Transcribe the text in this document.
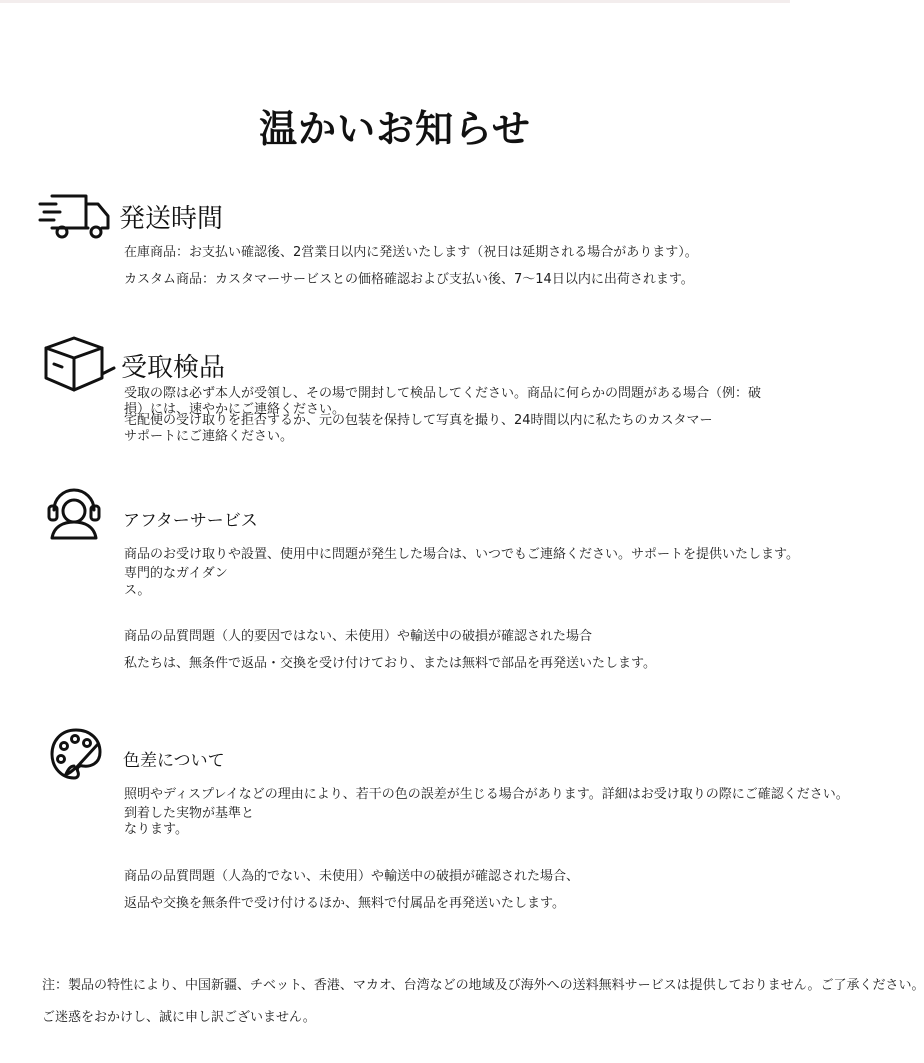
温かいお知らせ
発送時間

在庫商品：お支払い確認後、2営業日以内に発送いたします（祝日は延期される場合があります）。

カスタム商品：カスタマーサービスとの価格確認および支払い後、7〜14日以内に出荷されます。

受取検品

受取の際は必ず本人が受領し、その場で開封して検品してください。商品に何らかの問題がある場合（例：破損）には、速やかにご連絡ください。

宅配便の受け取りを拒否するか、元の包装を保持して写真を撮り、24時間以内に私たちのカスタマーサポートにご連絡ください。

アフターサービス

商品のお受け取りや設置、使用中に問題が発生した場合は、いつでもご連絡ください。サポートを提供いたします。

専門的なガイダン

ス。

商品の品質問題（人的要因ではない、未使用）や輸送中の破損が確認された場合

私たちは、無条件で返品・交換を受け付けており、または無料で部品を再発送いたします。

色差について

照明やディスプレイなどの理由により、若干の色の誤差が生じる場合があります。詳細はお受け取りの際にご確認ください。

到着した実物が基準と

なります。

商品の品質問題（人為的でない、未使用）や輸送中の破損が確認された場合、

返品や交換を無条件で受け付けるほか、無料で付属品を再発送いたします。

注：製品の特性により、中国新疆、チベット、香港、マカオ、台湾などの地域及び海外への送料無料サービスは提供しておりません。ご了承ください。

ご迷惑をおかけし、誠に申し訳ございません。
